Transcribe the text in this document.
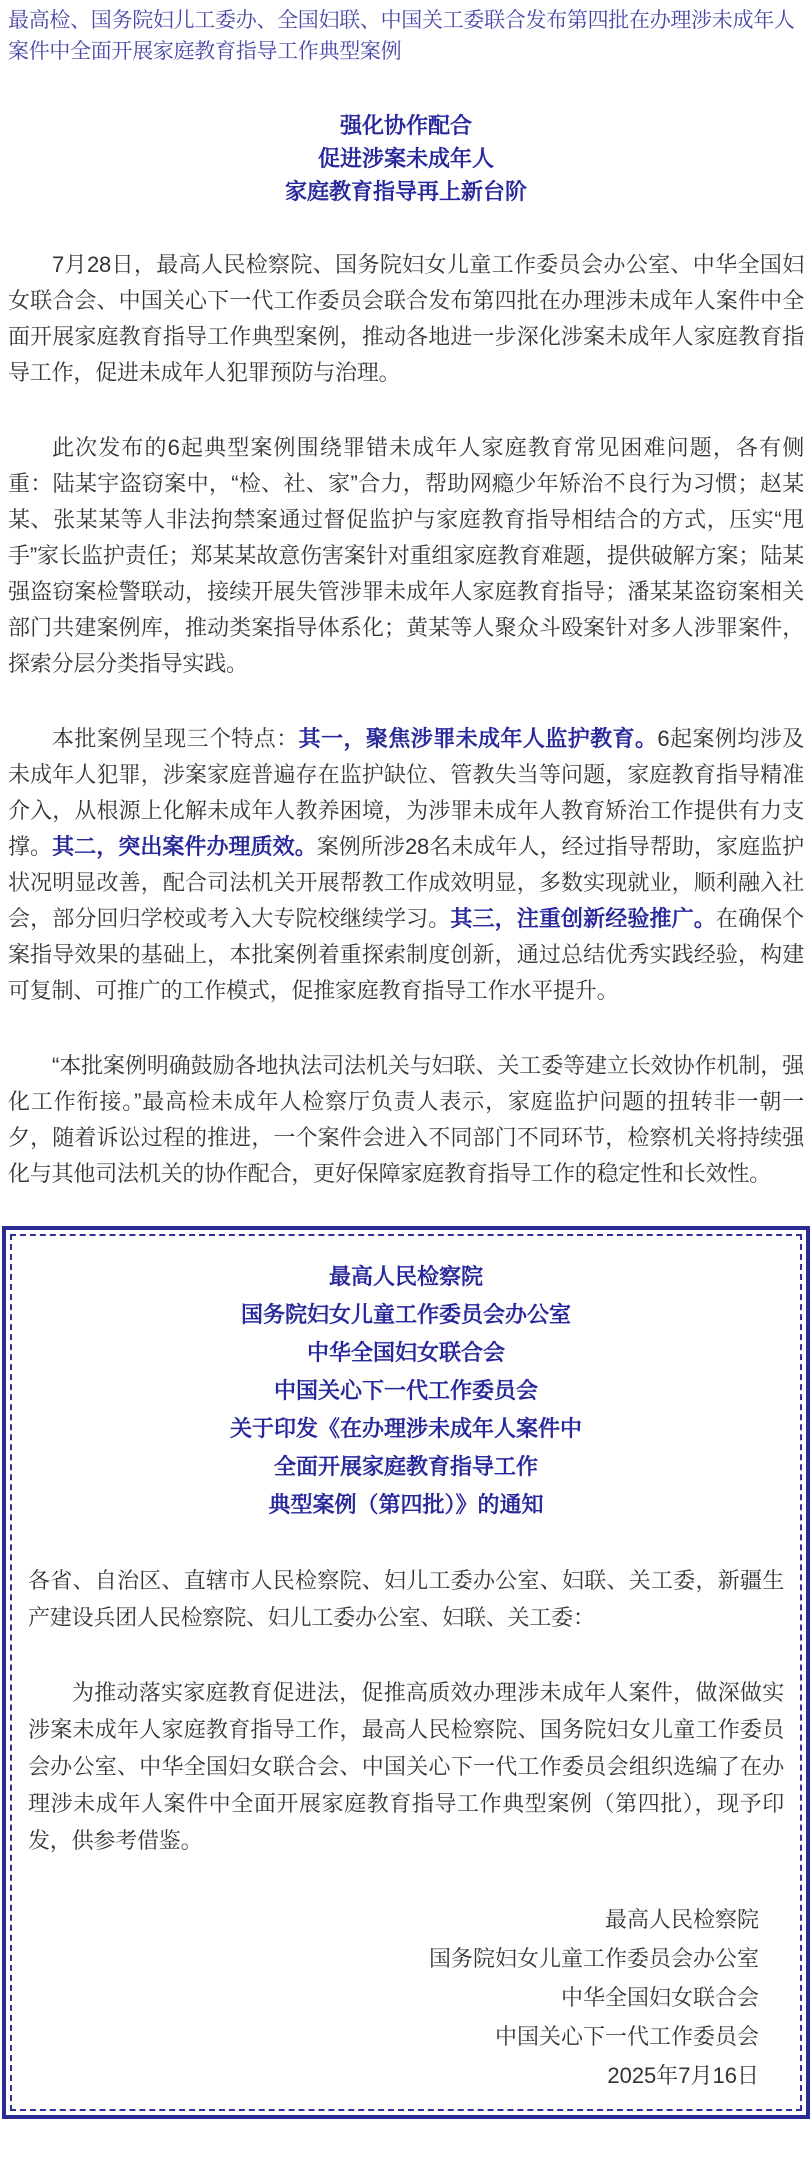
最高检、国务院妇儿工委办、全国妇联、中国关工委联合发布第四批在办理涉未成年人案件中全面开展家庭教育指导工作典型案例

强化协作配合

促进涉案未成年人

家庭教育指导再上新台阶

7月28日，最高人民检察院、国务院妇女儿童工作委员会办公室、中华全国妇女联合会、中国关心下一代工作委员会联合发布第四批在办理涉未成年人案件中全面开展家庭教育指导工作典型案例，推动各地进一步深化涉案未成年人家庭教育指导工作，促进未成年人犯罪预防与治理。

此次发布的6起典型案例围绕罪错未成年人家庭教育常见困难问题，各有侧重：陆某宇盗窃案中，“检、社、家”合力，帮助网瘾少年矫治不良行为习惯；赵某某、张某某等人非法拘禁案通过督促监护与家庭教育指导相结合的方式，压实“甩手”家长监护责任；郑某某故意伤害案针对重组家庭教育难题，提供破解方案；陆某强盗窃案检警联动，接续开展失管涉罪未成年人家庭教育指导；潘某某盗窃案相关部门共建案例库，推动类案指导体系化；黄某等人聚众斗殴案针对多人涉罪案件，探索分层分类指导实践。

本批案例呈现三个特点：其一，聚焦涉罪未成年人监护教育。6起案例均涉及未成年人犯罪，涉案家庭普遍存在监护缺位、管教失当等问题，家庭教育指导精准介入，从根源上化解未成年人教养困境，为涉罪未成年人教育矫治工作提供有力支撑。其二，突出案件办理质效。案例所涉28名未成年人，经过指导帮助，家庭监护状况明显改善，配合司法机关开展帮教工作成效明显，多数实现就业，顺利融入社会，部分回归学校或考入大专院校继续学习。其三，注重创新经验推广。在确保个案指导效果的基础上，本批案例着重探索制度创新，通过总结优秀实践经验，构建可复制、可推广的工作模式，促推家庭教育指导工作水平提升。

“本批案例明确鼓励各地执法司法机关与妇联、关工委等建立长效协作机制，强化工作衔接。”最高检未成年人检察厅负责人表示，家庭监护问题的扭转非一朝一夕，随着诉讼过程的推进，一个案件会进入不同部门不同环节，检察机关将持续强化与其他司法机关的协作配合，更好保障家庭教育指导工作的稳定性和长效性。

最高人民检察院

国务院妇女儿童工作委员会办公室

中华全国妇女联合会

中国关心下一代工作委员会

关于印发《在办理涉未成年人案件中

全面开展家庭教育指导工作

典型案例（第四批）》的通知

各省、自治区、直辖市人民检察院、妇儿工委办公室、妇联、关工委，新疆生产建设兵团人民检察院、妇儿工委办公室、妇联、关工委：

为推动落实家庭教育促进法，促推高质效办理涉未成年人案件，做深做实涉案未成年人家庭教育指导工作，最高人民检察院、国务院妇女儿童工作委员会办公室、中华全国妇女联合会、中国关心下一代工作委员会组织选编了在办理涉未成年人案件中全面开展家庭教育指导工作典型案例（第四批），现予印发，供参考借鉴。

最高人民检察院

国务院妇女儿童工作委员会办公室

中华全国妇女联合会

中国关心下一代工作委员会

2025年7月16日
